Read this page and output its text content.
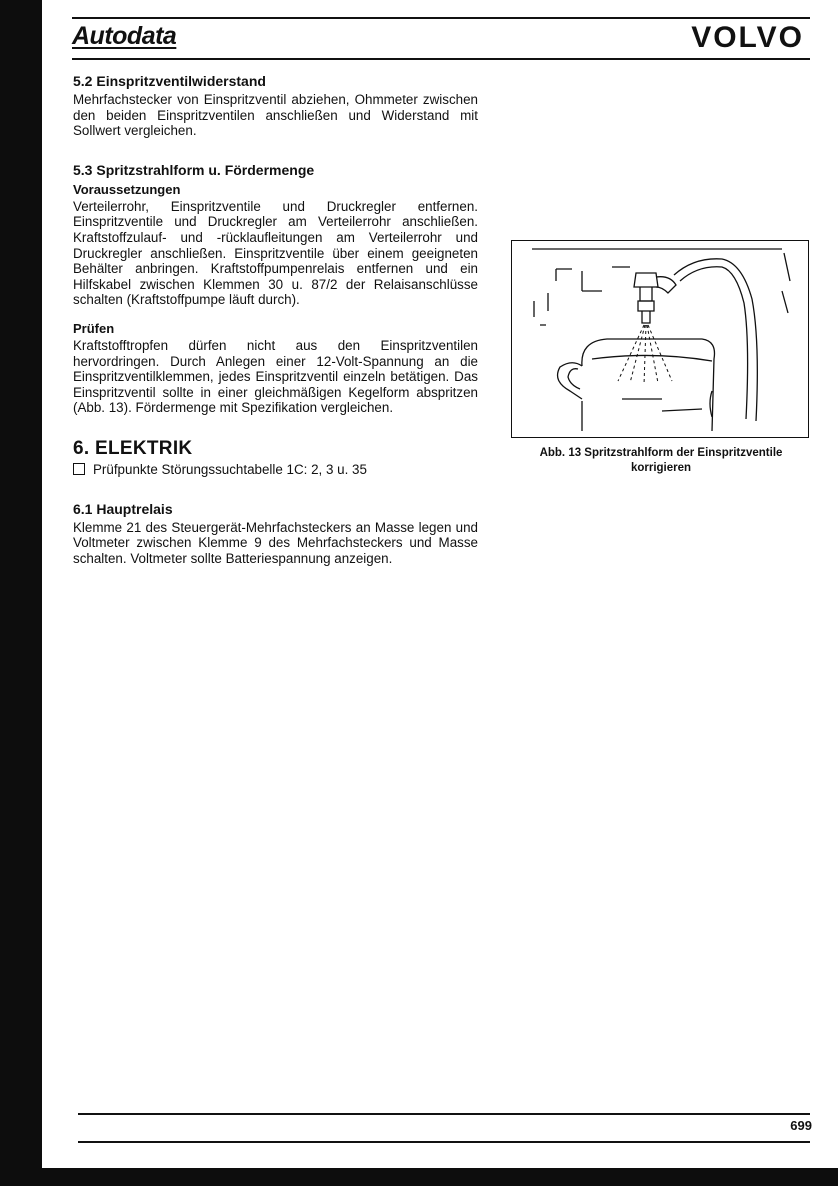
Autodata	VOLVO
5.2 Einspritzventilwiderstand

Mehrfachstecker von Einspritzventil abziehen, Ohmmeter zwischen den beiden Einspritzventilen anschließen und Widerstand mit Sollwert vergleichen.

5.3 Spritzstrahlform u. Fördermenge
Voraussetzungen

Verteilerrohr, Einspritzventile und Druckregler entfernen. Einspritzventile und Druckregler am Verteilerrohr anschließen. Kraftstoffzulauf- und -rücklaufleitungen am Verteilerrohr und Druckregler anschließen. Einspritzventile über einem geeigneten Behälter anbringen. Kraftstoffpumpenrelais entfernen und ein Hilfskabel zwischen Klemmen 30 u. 87/2 der Relaisanschlüsse schalten (Kraftstoffpumpe läuft durch).

Prüfen

Kraftstofftropfen dürfen nicht aus den Einspritzventilen hervordringen. Durch Anlegen einer 12-Volt-Spannung an die Einspritzventilklemmen, jedes Einspritzventil einzeln betätigen. Das Einspritzventil sollte in einer gleichmäßigen Kegelform abspritzen (Abb. 13). Fördermenge mit Spezifikation vergleichen.

6. ELEKTRIK
Prüfpunkte Störungssuchtabelle 1C: 2, 3 u. 35
6.1 Hauptrelais

Klemme 21 des Steuergerät-Mehrfachsteckers an Masse legen und Voltmeter zwischen Klemme 9 des Mehrfachsteckers und Masse schalten. Voltmeter sollte Batteriespannung anzeigen.

Abb. 13 Spritzstrahlform der Einspritzventile korrigieren
699
